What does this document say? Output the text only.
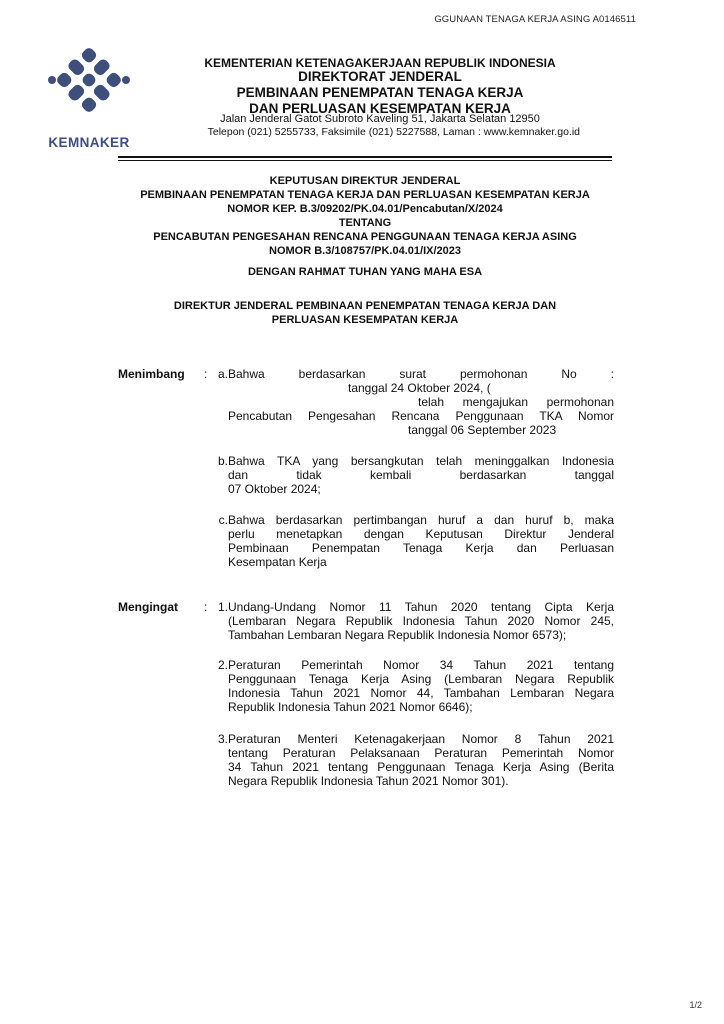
GGUNAAN TENAGA KERJA ASING A0146511
KEMNAKER
KEMENTERIAN KETENAGAKERJAAN REPUBLIK INDONESIA
DIREKTORAT JENDERAL
PEMBINAAN PENEMPATAN TENAGA KERJA
DAN PERLUASAN KESEMPATAN KERJA
Jalan Jenderal Gatot Subroto Kaveling 51, Jakarta Selatan 12950
Telepon (021) 5255733, Faksimile (021) 5227588, Laman : www.kemnaker.go.id
KEPUTUSAN DIREKTUR JENDERAL
PEMBINAAN PENEMPATAN TENAGA KERJA DAN PERLUASAN KESEMPATAN KERJA
NOMOR KEP. B.3/09202/PK.04.01/Pencabutan/X/2024
TENTANG
PENCABUTAN PENGESAHAN RENCANA PENGGUNAAN TENAGA KERJA ASING
NOMOR B.3/108757/PK.04.01/IX/2023
DENGAN RAHMAT TUHAN YANG MAHA ESA
DIREKTUR JENDERAL PEMBINAAN PENEMPATAN TENAGA KERJA DAN
PERLUASAN KESEMPATAN KERJA
Menimbang : a. Bahwa berdasarkan surat permohonan No :
tanggal 24 Oktober 2024, (
telah mengajukan permohonan
Pencabutan Pengesahan Rencana Penggunaan TKA Nomor
tanggal 06 September 2023
b. Bahwa TKA yang bersangkutan telah meninggalkan Indonesia
dan tidak kembali berdasarkan tanggal
07 Oktober 2024;
c. Bahwa berdasarkan pertimbangan huruf a dan huruf b, maka
perlu menetapkan dengan Keputusan Direktur Jenderal
Pembinaan Penempatan Tenaga Kerja dan Perluasan
Kesempatan Kerja
Mengingat : 1. Undang-Undang Nomor 11 Tahun 2020 tentang Cipta Kerja
(Lembaran Negara Republik Indonesia Tahun 2020 Nomor 245,
Tambahan Lembaran Negara Republik Indonesia Nomor 6573);
2. Peraturan Pemerintah Nomor 34 Tahun 2021 tentang
Penggunaan Tenaga Kerja Asing (Lembaran Negara Republik
Indonesia Tahun 2021 Nomor 44, Tambahan Lembaran Negara
Republik Indonesia Tahun 2021 Nomor 6646);
3. Peraturan Menteri Ketenagakerjaan Nomor 8 Tahun 2021
tentang Peraturan Pelaksanaan Peraturan Pemerintah Nomor
34 Tahun 2021 tentang Penggunaan Tenaga Kerja Asing (Berita
Negara Republik Indonesia Tahun 2021 Nomor 301).
1/2
